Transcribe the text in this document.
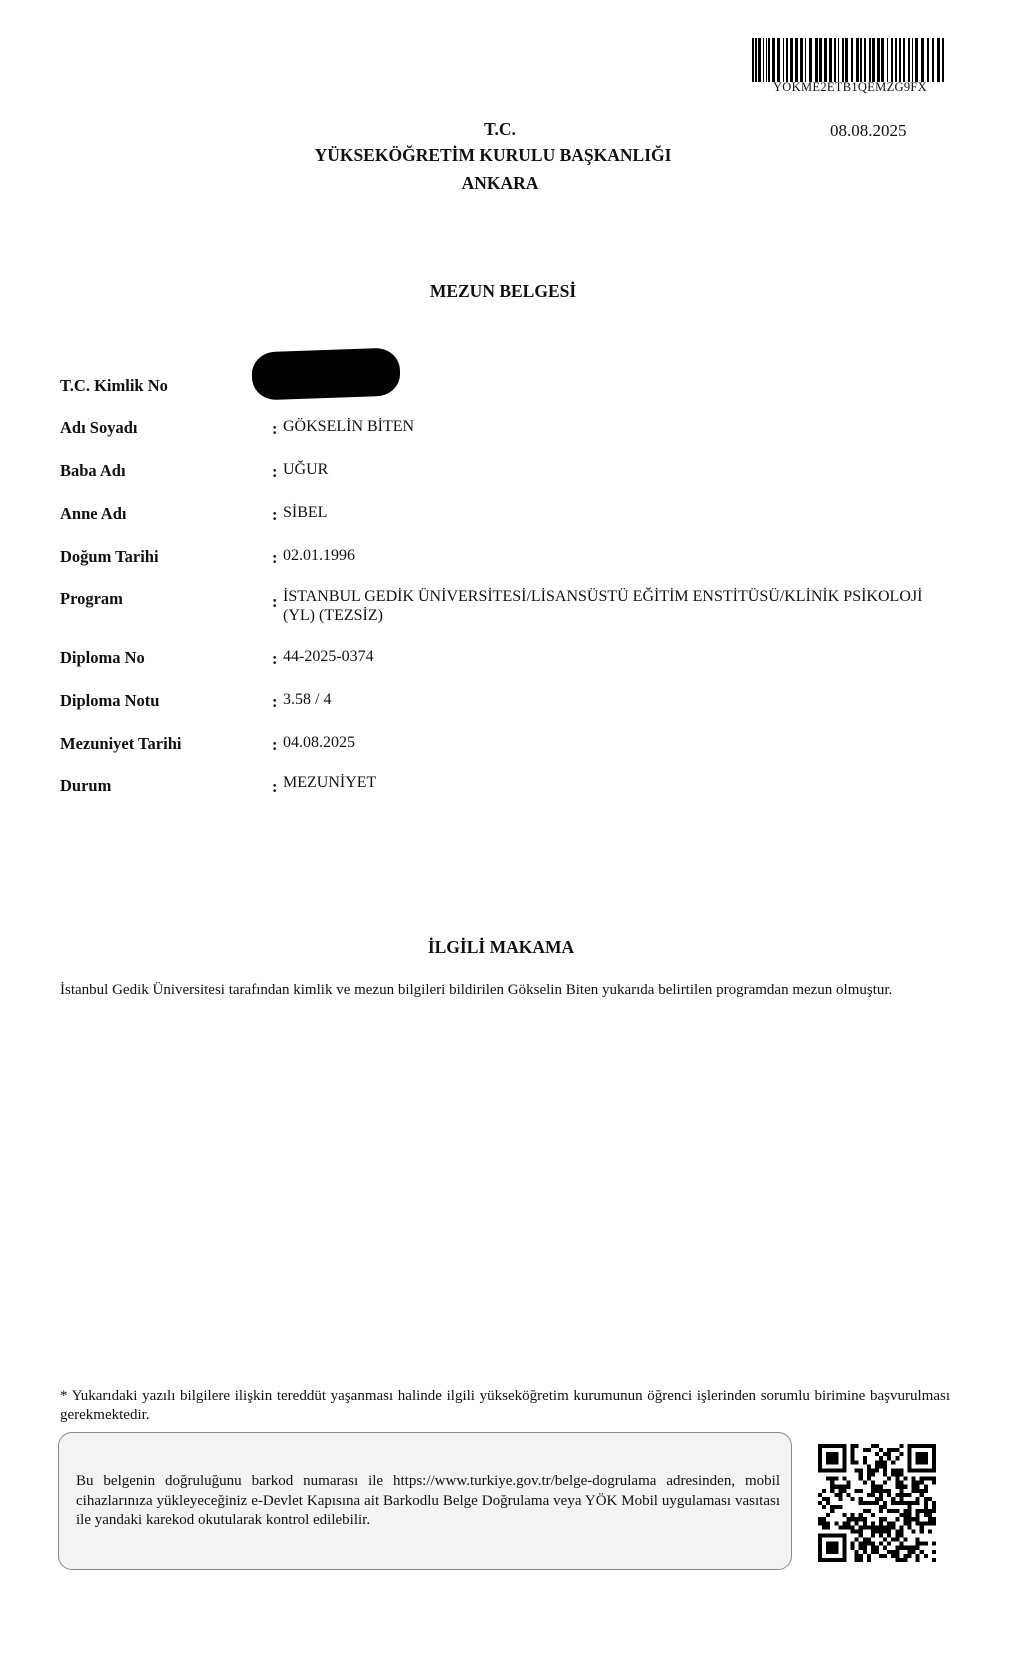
YOKME2ETB1QEMZG9FX
08.08.2025
T.C.
YÜKSEKÖĞRETİM KURULU BAŞKANLIĞI
ANKARA
MEZUN BELGESİ
T.C. Kimlik No
Adı Soyadı	: GÖKSELİN BİTEN
Baba Adı	: UĞUR
Anne Adı	: SİBEL
Doğum Tarihi	: 02.01.1996
Program	: İSTANBUL GEDİK ÜNİVERSİTESİ/LİSANSÜSTÜ EĞİTİM ENSTİTÜSÜ/KLİNİK PSİKOLOJİ (YL) (TEZSİZ)
Diploma No	: 44-2025-0374
Diploma Notu	: 3.58 / 4
Mezuniyet Tarihi	: 04.08.2025
Durum	: MEZUNİYET
İLGİLİ MAKAMA
İstanbul Gedik Üniversitesi tarafından kimlik ve mezun bilgileri bildirilen Gökselin Biten yukarıda belirtilen programdan mezun olmuştur.
* Yukarıdaki yazılı bilgilere ilişkin tereddüt yaşanması halinde ilgili yükseköğretim kurumunun öğrenci işlerinden sorumlu birimine başvurulması gerekmektedir.
Bu belgenin doğruluğunu barkod numarası ile https://www.turkiye.gov.tr/belge-dogrulama adresinden, mobil cihazlarınıza yükleyeceğiniz e-Devlet Kapısına ait Barkodlu Belge Doğrulama veya YÖK Mobil uygulaması vasıtası ile yandaki karekod okutularak kontrol edilebilir.
